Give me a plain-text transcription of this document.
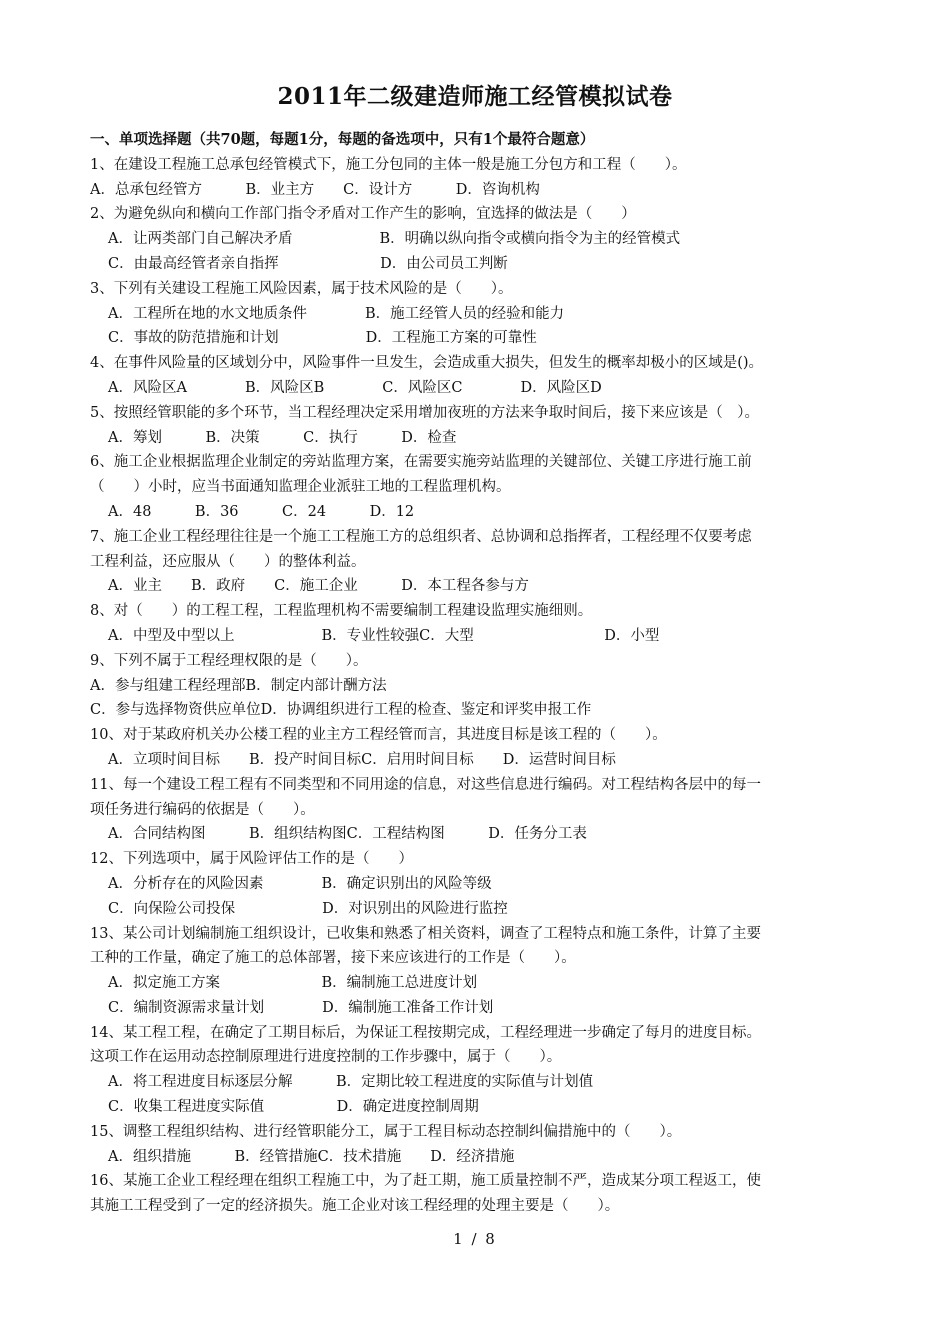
2011年二级建造师施工经管模拟试卷
一、单项选择题（共70题，每题1分，每题的备选项中，只有1个最符合题意）
1、在建设工程施工总承包经管模式下，施工分包同的主体一般是施工分包方和工程（　　）。
A．总承包经管方　　　B．业主方　　C．设计方　　　D．咨询机构
2、为避免纵向和横向工作部门指令矛盾对工作产生的影响，宜选择的做法是（　　）
A．让两类部门自己解决矛盾　　　　　　B．明确以纵向指令或横向指令为主的经管模式
C．由最高经管者亲自指挥　　　　　　　D．由公司员工判断
3、下列有关建设工程施工风险因素，属于技术风险的是（　　）。
A．工程所在地的水文地质条件　　　　B．施工经管人员的经验和能力
C．事故的防范措施和计划　　　　　　D．工程施工方案的可靠性
4、在事件风险量的区域划分中，风险事件一旦发生，会造成重大损失，但发生的概率却极小的区域是()。
A．风险区A　　　　B．风险区B　　　　C．风险区C　　　　D．风险区D
5、按照经管职能的多个环节，当工程经理决定采用增加夜班的方法来争取时间后，接下来应该是（　）。
A．筹划　　　B．决策　　　C．执行　　　D．检查
6、施工企业根据监理企业制定的旁站监理方案，在需要实施旁站监理的关键部位、关键工序进行施工前
（　　）小时，应当书面通知监理企业派驻工地的工程监理机构。
A．48　　　B．36　　　C．24　　　D．12
7、施工企业工程经理往往是一个施工工程施工方的总组织者、总协调和总指挥者，工程经理不仅要考虑
工程利益，还应服从（　　）的整体利益。
A．业主　　B．政府　　C．施工企业　　　D．本工程各参与方
8、对（　　）的工程工程，工程监理机构不需要编制工程建设监理实施细则。
A．中型及中型以上　　　　　　B．专业性较强C．大型　　　　　　　　　D．小型
9、下列不属于工程经理权限的是（　　）。
A．参与组建工程经理部B．制定内部计酬方法
C．参与选择物资供应单位D．协调组织进行工程的检查、鉴定和评奖申报工作
10、对于某政府机关办公楼工程的业主方工程经管而言，其进度目标是该工程的（　　）。
A．立项时间目标　　B．投产时间目标C．启用时间目标　　D．运营时间目标
11、每一个建设工程工程有不同类型和不同用途的信息，对这些信息进行编码。对工程结构各层中的每一
项任务进行编码的依据是（　　）。
A．合同结构图　　　B．组织结构图C．工程结构图　　　D．任务分工表
12、下列选项中，属于风险评估工作的是（　　）
A．分析存在的风险因素　　　　B．确定识别出的风险等级
C．向保险公司投保　　　　　　D．对识别出的风险进行监控
13、某公司计划编制施工组织设计，已收集和熟悉了相关资料，调查了工程特点和施工条件，计算了主要
工种的工作量，确定了施工的总体部署，接下来应该进行的工作是（　　）。
A．拟定施工方案　　　　　　　B．编制施工总进度计划
C．编制资源需求量计划　　　　D．编制施工准备工作计划
14、某工程工程，在确定了工期目标后，为保证工程按期完成，工程经理进一步确定了每月的进度目标。
这项工作在运用动态控制原理进行进度控制的工作步骤中，属于（　　）。
A．将工程进度目标逐层分解　　　B．定期比较工程进度的实际值与计划值
C．收集工程进度实际值　　　　　D．确定进度控制周期
15、调整工程组织结构、进行经管职能分工，属于工程目标动态控制纠偏措施中的（　　）。
A．组织措施　　　B．经管措施C．技术措施　　D．经济措施
16、某施工企业工程经理在组织工程施工中，为了赶工期，施工质量控制不严，造成某分项工程返工，使
其施工工程受到了一定的经济损失。施工企业对该工程经理的处理主要是（　　）。
1 / 8
